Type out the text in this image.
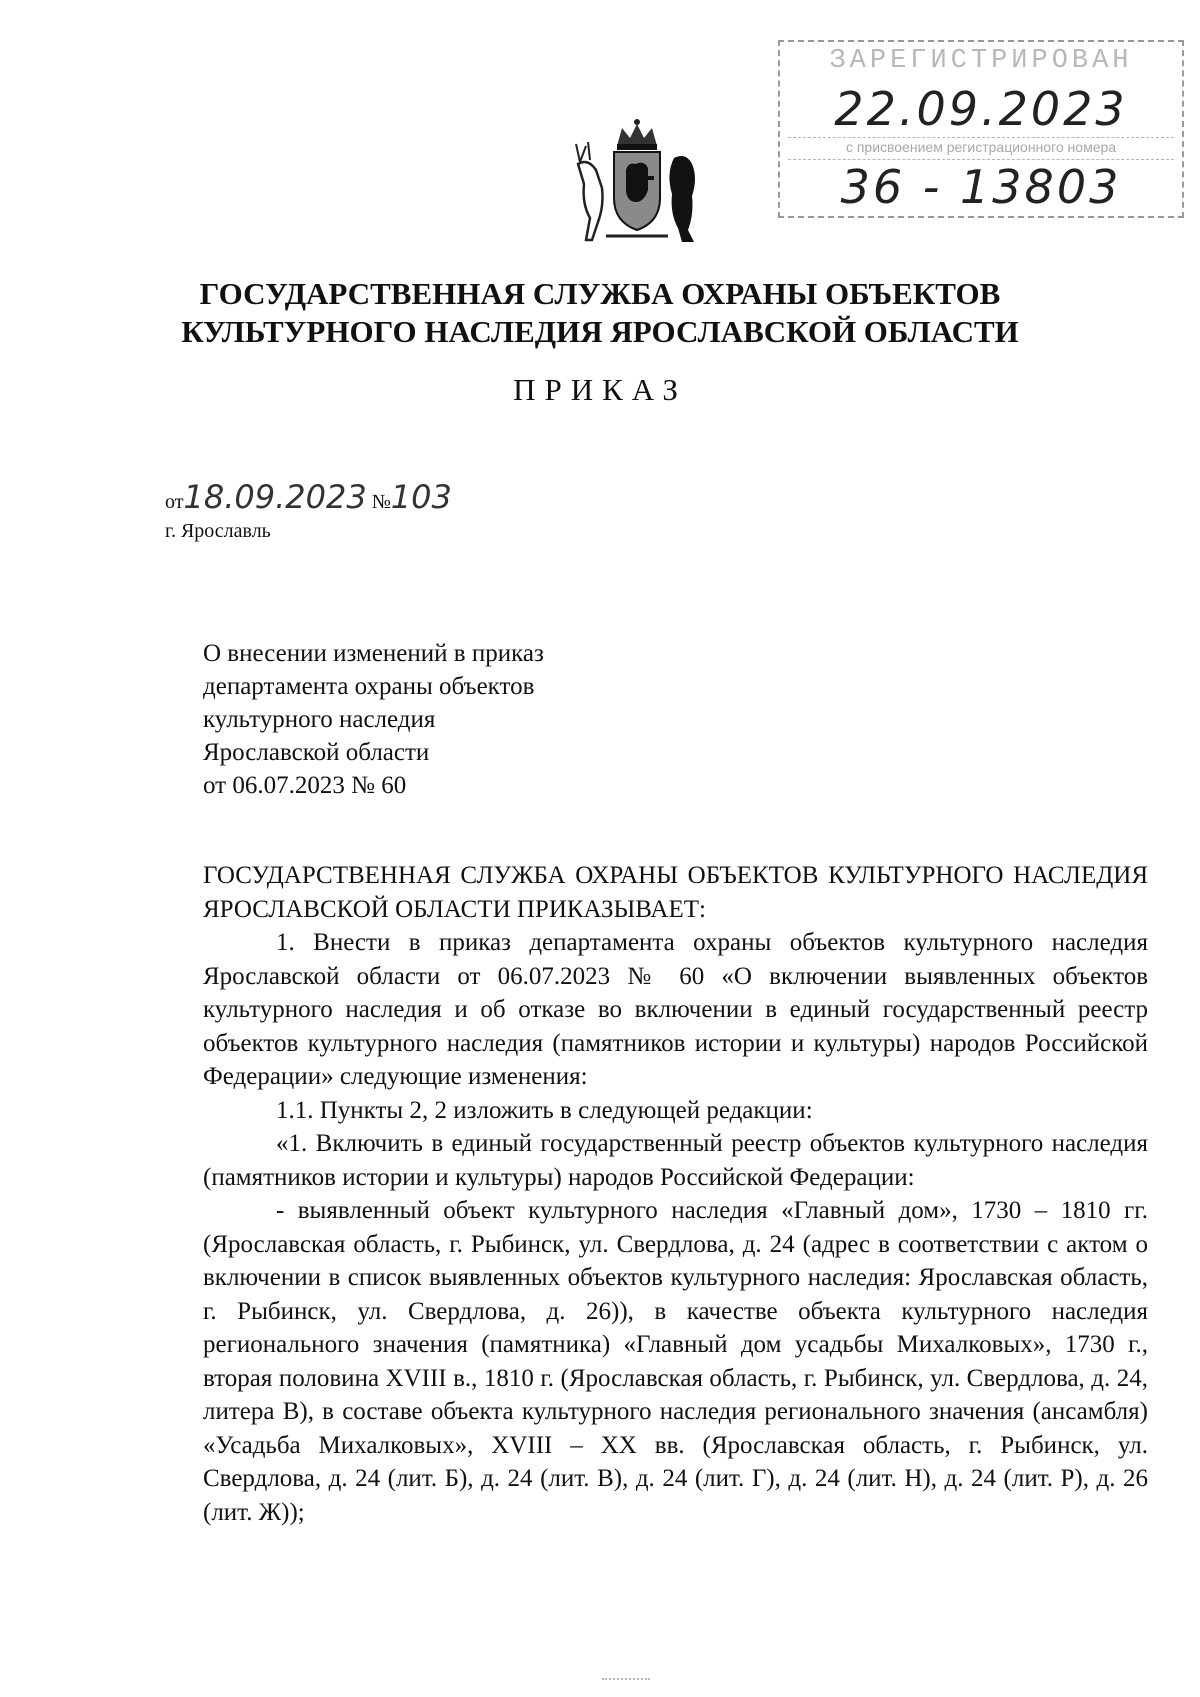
ЗАРЕГИСТРИРОВАН
22.09.2023
с присвоением регистрационного номера
36 - 13803
ГОСУДАРСТВЕННАЯ СЛУЖБА ОХРАНЫ ОБЪЕКТОВ
КУЛЬТУРНОГО НАСЛЕДИЯ ЯРОСЛАВСКОЙ ОБЛАСТИ
ПРИКАЗ
от18.09.2023 №103
г. Ярославль
О внесении изменений в приказ
департамента охраны объектов
культурного наследия
Ярославской области
от 06.07.2023 № 60

ГОСУДАРСТВЕННАЯ СЛУЖБА ОХРАНЫ ОБЪЕКТОВ КУЛЬТУРНОГО НАСЛЕДИЯ ЯРОСЛАВСКОЙ ОБЛАСТИ ПРИКАЗЫВАЕТ:

1. Внести в приказ департамента охраны объектов культурного наследия Ярославской области от 06.07.2023 № 60 «О включении выявленных объектов культурного наследия и об отказе во включении в единый государственный реестр объектов культурного наследия (памятников истории и культуры) народов Российской Федерации» следующие изменения:

1.1. Пункты 2, 2 изложить в следующей редакции:

«1. Включить в единый государственный реестр объектов культурного наследия (памятников истории и культуры) народов Российской Федерации:

- выявленный объект культурного наследия «Главный дом», 1730 – 1810 гг. (Ярославская область, г. Рыбинск, ул. Свердлова, д. 24 (адрес в соответствии с актом о включении в список выявленных объектов культурного наследия: Ярославская область, г. Рыбинск, ул. Свердлова, д. 26)), в качестве объекта культурного наследия регионального значения (памятника) «Главный дом усадьбы Михалковых», 1730 г., вторая половина XVIII в., 1810 г. (Ярославская область, г. Рыбинск, ул. Свердлова, д. 24, литера В), в составе объекта культурного наследия регионального значения (ансамбля) «Усадьба Михалковых», XVIII – XX вв. (Ярославская область, г. Рыбинск, ул. Свердлова, д. 24 (лит. Б), д. 24 (лит. В), д. 24 (лит. Г), д. 24 (лит. Н), д. 24 (лит. Р), д. 26 (лит. Ж));
